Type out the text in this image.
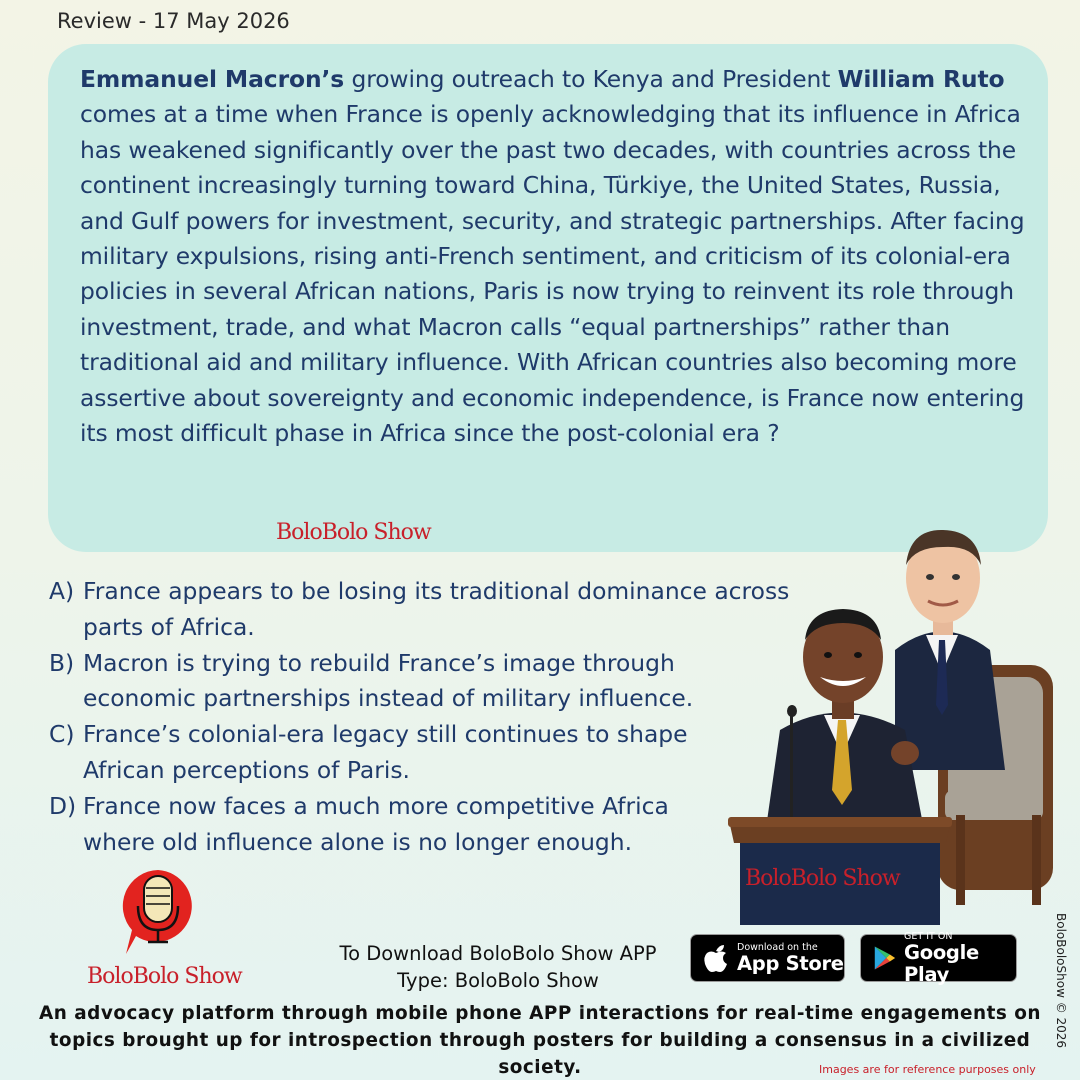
Review - 17 May 2026

Emmanuel Macron’s growing outreach to Kenya and President William Ruto comes at a time when France is openly acknowledging that its influence in Africa has weakened significantly over the past two decades, with countries across the continent increasingly turning toward China, Türkiye, the United States, Russia, and Gulf powers for investment, security, and strategic partnerships. After facing military expulsions, rising anti-French sentiment, and criticism of its colonial-era policies in several African nations, Paris is now trying to reinvent its role through investment, trade, and what Macron calls “equal partnerships” rather than traditional aid and military influence. With African countries also becoming more assertive about sovereignty and economic independence, is France now entering its most difficult phase in Africa since the post-colonial era ?

BoloBolo Show
A) France appears to be losing its traditional dominance across parts of Africa.
B) Macron is trying to rebuild France’s image through economic partnerships instead of military influence.
C) France’s colonial-era legacy still continues to shape African perceptions of Paris.
D) France now faces a much more competitive Africa where old influence alone is no longer enough.
BoloBolo Show
BoloBolo Show
To Download BoloBolo Show APP
Type: BoloBolo Show
Download on the
App Store
GET IT ON
Google Play
An advocacy platform through mobile phone APP interactions for real-time engagements on topics brought up for introspection through posters for building a consensus in a civilized society.	Images are for reference purposes only
BoloBoloShow © 2026
